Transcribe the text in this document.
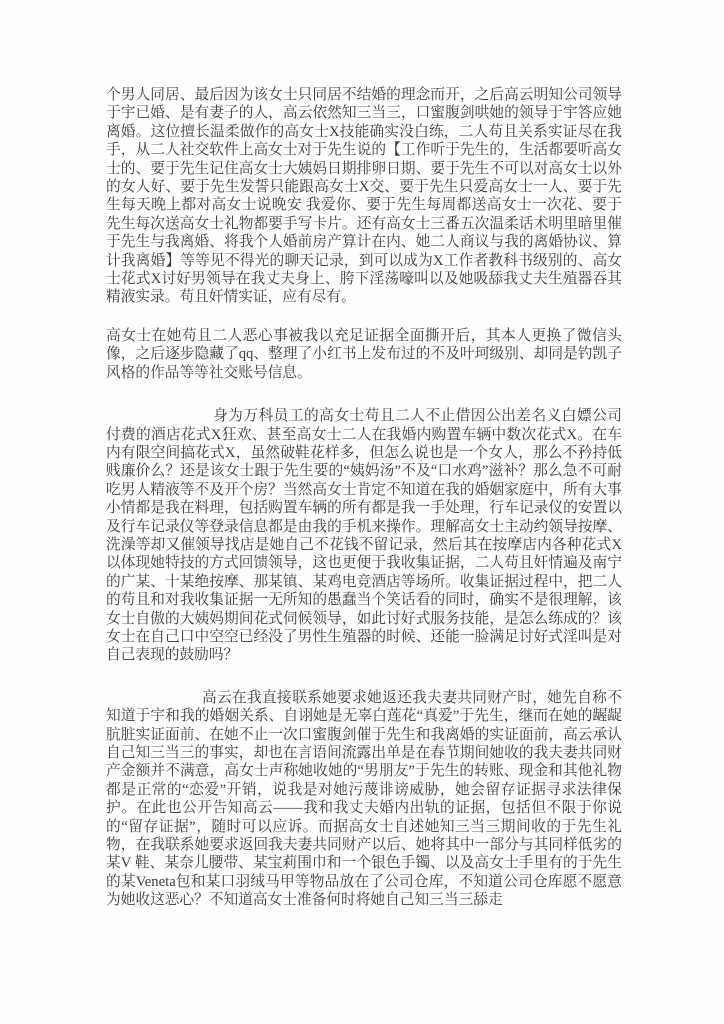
个男人同居、最后因为该女士只同居不结婚的理念而开，之后高云明知公司领导于宇已婚、是有妻子的人，高云依然知三当三，口蜜腹剑哄她的领导于宇答应她离婚。这位擅长温柔做作的高女士X技能确实没白练，二人苟且关系实证尽在我手，从二人社交软件上高女士对于先生说的【工作听于先生的，生活都要听高女士的、要于先生记住高女士大姨妈日期排卵日期、要于先生不可以对高女士以外的女人好、要于先生发誓只能跟高女士X交、要于先生只爱高女士一人、要于先生每天晚上都对高女士说晚安 我爱你、要于先生每周都送高女士一次花、要于先生每次送高女士礼物都要手写卡片。还有高女士三番五次温柔话术明里暗里催于先生与我离婚、将我个人婚前房产算计在内、她二人商议与我的离婚协议、算计我离婚】等等见不得光的聊天记录，到可以成为X工作者教科书级别的、高女士花式X讨好男领导在我丈夫身上、胯下淫荡嚎叫以及她吸舔我丈夫生殖器吞其精液实录。苟且奸情实证，应有尽有。

高女士在她苟且二人恶心事被我以充足证据全面撕开后，其本人更换了微信头像，之后逐步隐藏了qq、整理了小红书上发布过的不及叶珂级别、却同是钓凯子风格的作品等等社交账号信息。

身为万科员工的高女士苟且二人不止借因公出差名义白嫖公司付费的酒店花式X狂欢、甚至高女士二人在我婚内购置车辆中数次花式X。在车内有限空间搞花式X，虽然破鞋花样多，但怎么说也是一个女人，那么不矜持低贱廉价么？还是该女士跟于先生要的“姨妈汤”不及“口水鸡”滋补？那么急不可耐吃男人精液等不及开个房？当然高女士肯定不知道在我的婚姻家庭中，所有大事小情都是我在料理，包括购置车辆的所有都是我一手处理，行车记录仪的安置以及行车记录仪等登录信息都是由我的手机来操作。理解高女士主动约领导按摩、洗澡等却又催领导找店是她自己不花钱不留记录，然后其在按摩店内各种花式X以体现她特技的方式回馈领导，这也更便于我收集证据，二人苟且奸情遍及南宁的广某、十某绝按摩、那某镇、某鸡电竞酒店等场所。收集证据过程中，把二人的苟且和对我收集证据一无所知的愚蠢当个笑话看的同时，确实不是很理解，该女士自傲的大姨妈期间花式伺候领导，如此讨好式服务技能，是怎么练成的？该女士在自己口中空空已经没了男性生殖器的时候、还能一脸满足讨好式淫叫是对自己表现的鼓励吗？

高云在我直接联系她要求她返还我夫妻共同财产时，她先自称不知道于宇和我的婚姻关系、自诩她是无辜白莲花“真爱”于先生，继而在她的龌龊肮脏实证面前、在她不止一次口蜜腹剑催于先生和我离婚的实证面前，高云承认自己知三当三的事实，却也在言语间流露出单是在春节期间她收的我夫妻共同财产金额并不满意，高女士声称她收她的“男朋友”于先生的转账、现金和其他礼物都是正常的“恋爱”开销，说我是对她污蔑诽谤威胁，她会留存证据寻求法律保护。在此也公开告知高云——我和我丈夫婚内出轨的证据，包括但不限于你说的“留存证据”，随时可以应诉。而据高女士自述她知三当三期间收的于先生礼物，在我联系她要求返回我夫妻共同财产以后、她将其中一部分与其同样低劣的某V 鞋、某奈儿腰带、某宝莉围巾和一个银色手镯、以及高女士手里有的于先生的某Veneta包和某口羽绒马甲等物品放在了公司仓库，不知道公司仓库愿不愿意为她收这恶心？不知道高女士准备何时将她自己知三当三舔走
